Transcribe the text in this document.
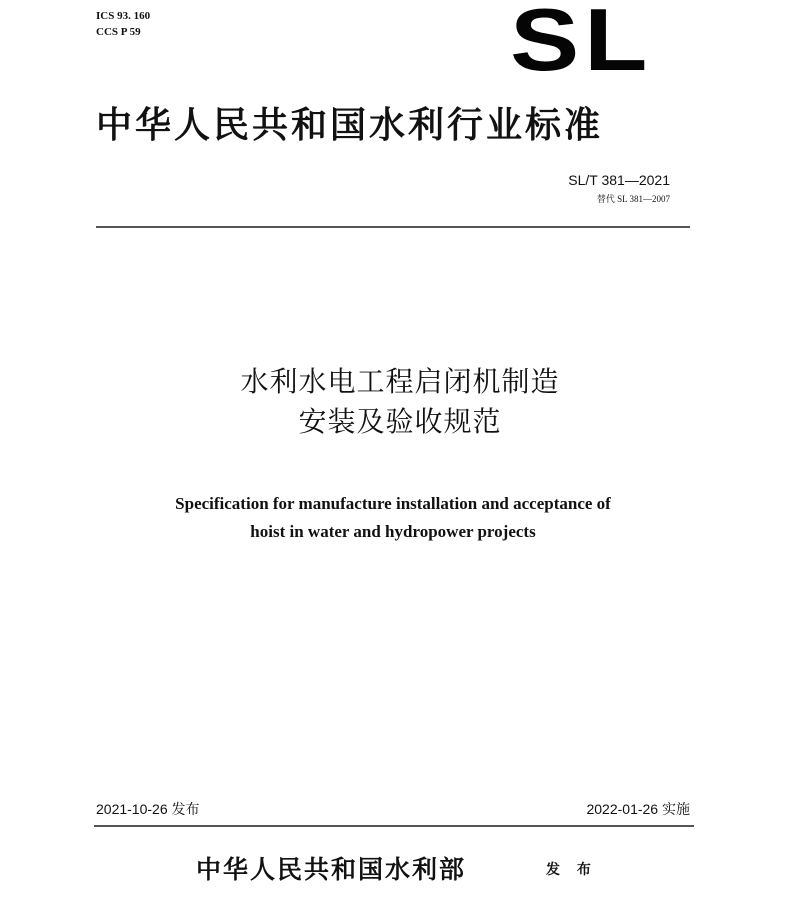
ICS 93. 160
CCS P 59	SL
中华人民共和国水利行业标准
SL/T 381—2021
替代 SL 381—2007
水利水电工程启闭机制造
安装及验收规范
Specification for manufacture installation and acceptance of
hoist in water and hydropower projects
2021-10-26 发布	2022-01-26 实施
中华人民共和国水利部	发 布
